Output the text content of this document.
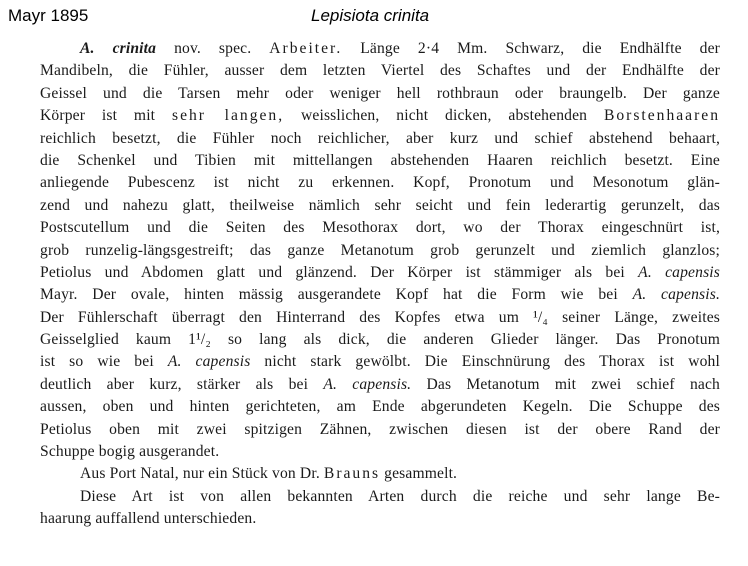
Mayr 1895	Lepisiota crinita
A. crinita nov. spec. Arbeiter. Länge 2·4 Mm. Schwarz, die Endhälfte der
Mandibeln, die Fühler, ausser dem letzten Viertel des Schaftes und der Endhälfte der
Geissel und die Tarsen mehr oder weniger hell rothbraun oder braungelb. Der ganze
Körper ist mit sehr langen, weisslichen, nicht dicken, abstehenden Borstenhaaren
reichlich besetzt, die Fühler noch reichlicher, aber kurz und schief abstehend behaart,
die Schenkel und Tibien mit mittellangen abstehenden Haaren reichlich besetzt. Eine
anliegende Pubescenz ist nicht zu erkennen. Kopf, Pronotum und Mesonotum glän-
zend und nahezu glatt, theilweise nämlich sehr seicht und fein lederartig gerunzelt, das
Postscutellum und die Seiten des Mesothorax dort, wo der Thorax eingeschnürt ist,
grob runzelig-längsgestreift; das ganze Metanotum grob gerunzelt und ziemlich glanzlos;
Petiolus und Abdomen glatt und glänzend. Der Körper ist stämmiger als bei A. capensis
Mayr. Der ovale, hinten mässig ausgerandete Kopf hat die Form wie bei A. capensis.
Der Fühlerschaft überragt den Hinterrand des Kopfes etwa um ¹/₄ seiner Länge, zweites
Geisselglied kaum 1¹/₂ so lang als dick, die anderen Glieder länger. Das Pronotum
ist so wie bei A. capensis nicht stark gewölbt. Die Einschnürung des Thorax ist wohl
deutlich aber kurz, stärker als bei A. capensis. Das Metanotum mit zwei schief nach
aussen, oben und hinten gerichteten, am Ende abgerundeten Kegeln. Die Schuppe des
Petiolus oben mit zwei spitzigen Zähnen, zwischen diesen ist der obere Rand der
Schuppe bogig ausgerandet.
Aus Port Natal, nur ein Stück von Dr. Brauns gesammelt.
Diese Art ist von allen bekannten Arten durch die reiche und sehr lange Be-
haarung auffallend unterschieden.
